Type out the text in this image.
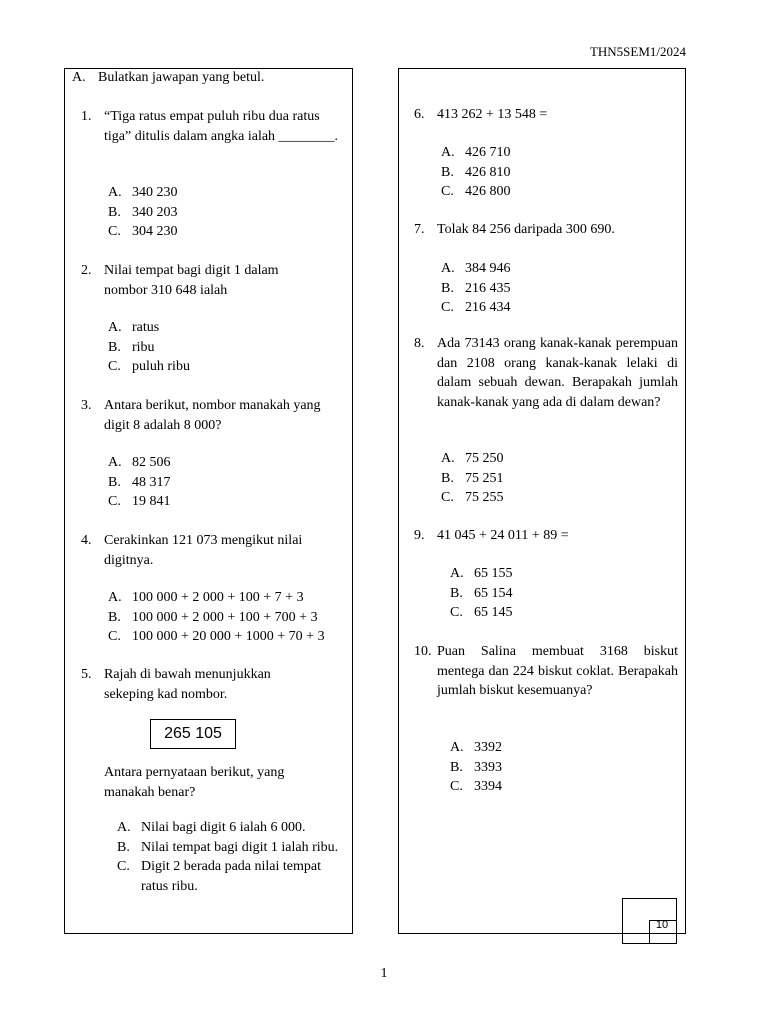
THN5SEM1/2024
A. Bulatkan jawapan yang betul.
1. “Tiga ratus empat puluh ribu dua ratus tiga” ditulis dalam angka ialah ________.
A. 340 230
B. 340 203
C. 304 230
2. Nilai tempat bagi digit 1 dalam nombor 310 648 ialah
A. ratus
B. ribu
C. puluh ribu
3. Antara berikut, nombor manakah yang digit 8 adalah 8 000?
A. 82 506
B. 48 317
C. 19 841
4. Cerakinkan 121 073 mengikut nilai digitnya.
A. 100 000 + 2 000 + 100 + 7 + 3
B. 100 000 + 2 000 + 100 + 700 + 3
C. 100 000 + 20 000 + 1000 + 70 + 3
5. Rajah di bawah menunjukkan sekeping kad nombor.
265 105
Antara pernyataan berikut, yang manakah benar?
A. Nilai bagi digit 6 ialah 6 000.
B. Nilai tempat bagi digit 1 ialah ribu.
C. Digit 2 berada pada nilai tempat ratus ribu.
6. 413 262 + 13 548 =
A. 426 710
B. 426 810
C. 426 800
7. Tolak 84 256 daripada 300 690.
A. 384 946
B. 216 435
C. 216 434
8. Ada 73143 orang kanak-kanak perempuan dan 2108 orang kanak-kanak lelaki di dalam sebuah dewan. Berapakah jumlah kanak-kanak yang ada di dalam dewan?
A. 75 250
B. 75 251
C. 75 255
9. 41 045 + 24 011 + 89 =
A. 65 155
B. 65 154
C. 65 145
10. Puan Salina membuat 3168 biskut mentega dan 224 biskut coklat. Berapakah jumlah biskut kesemuanya?
A. 3392
B. 3393
C. 3394
10
1
